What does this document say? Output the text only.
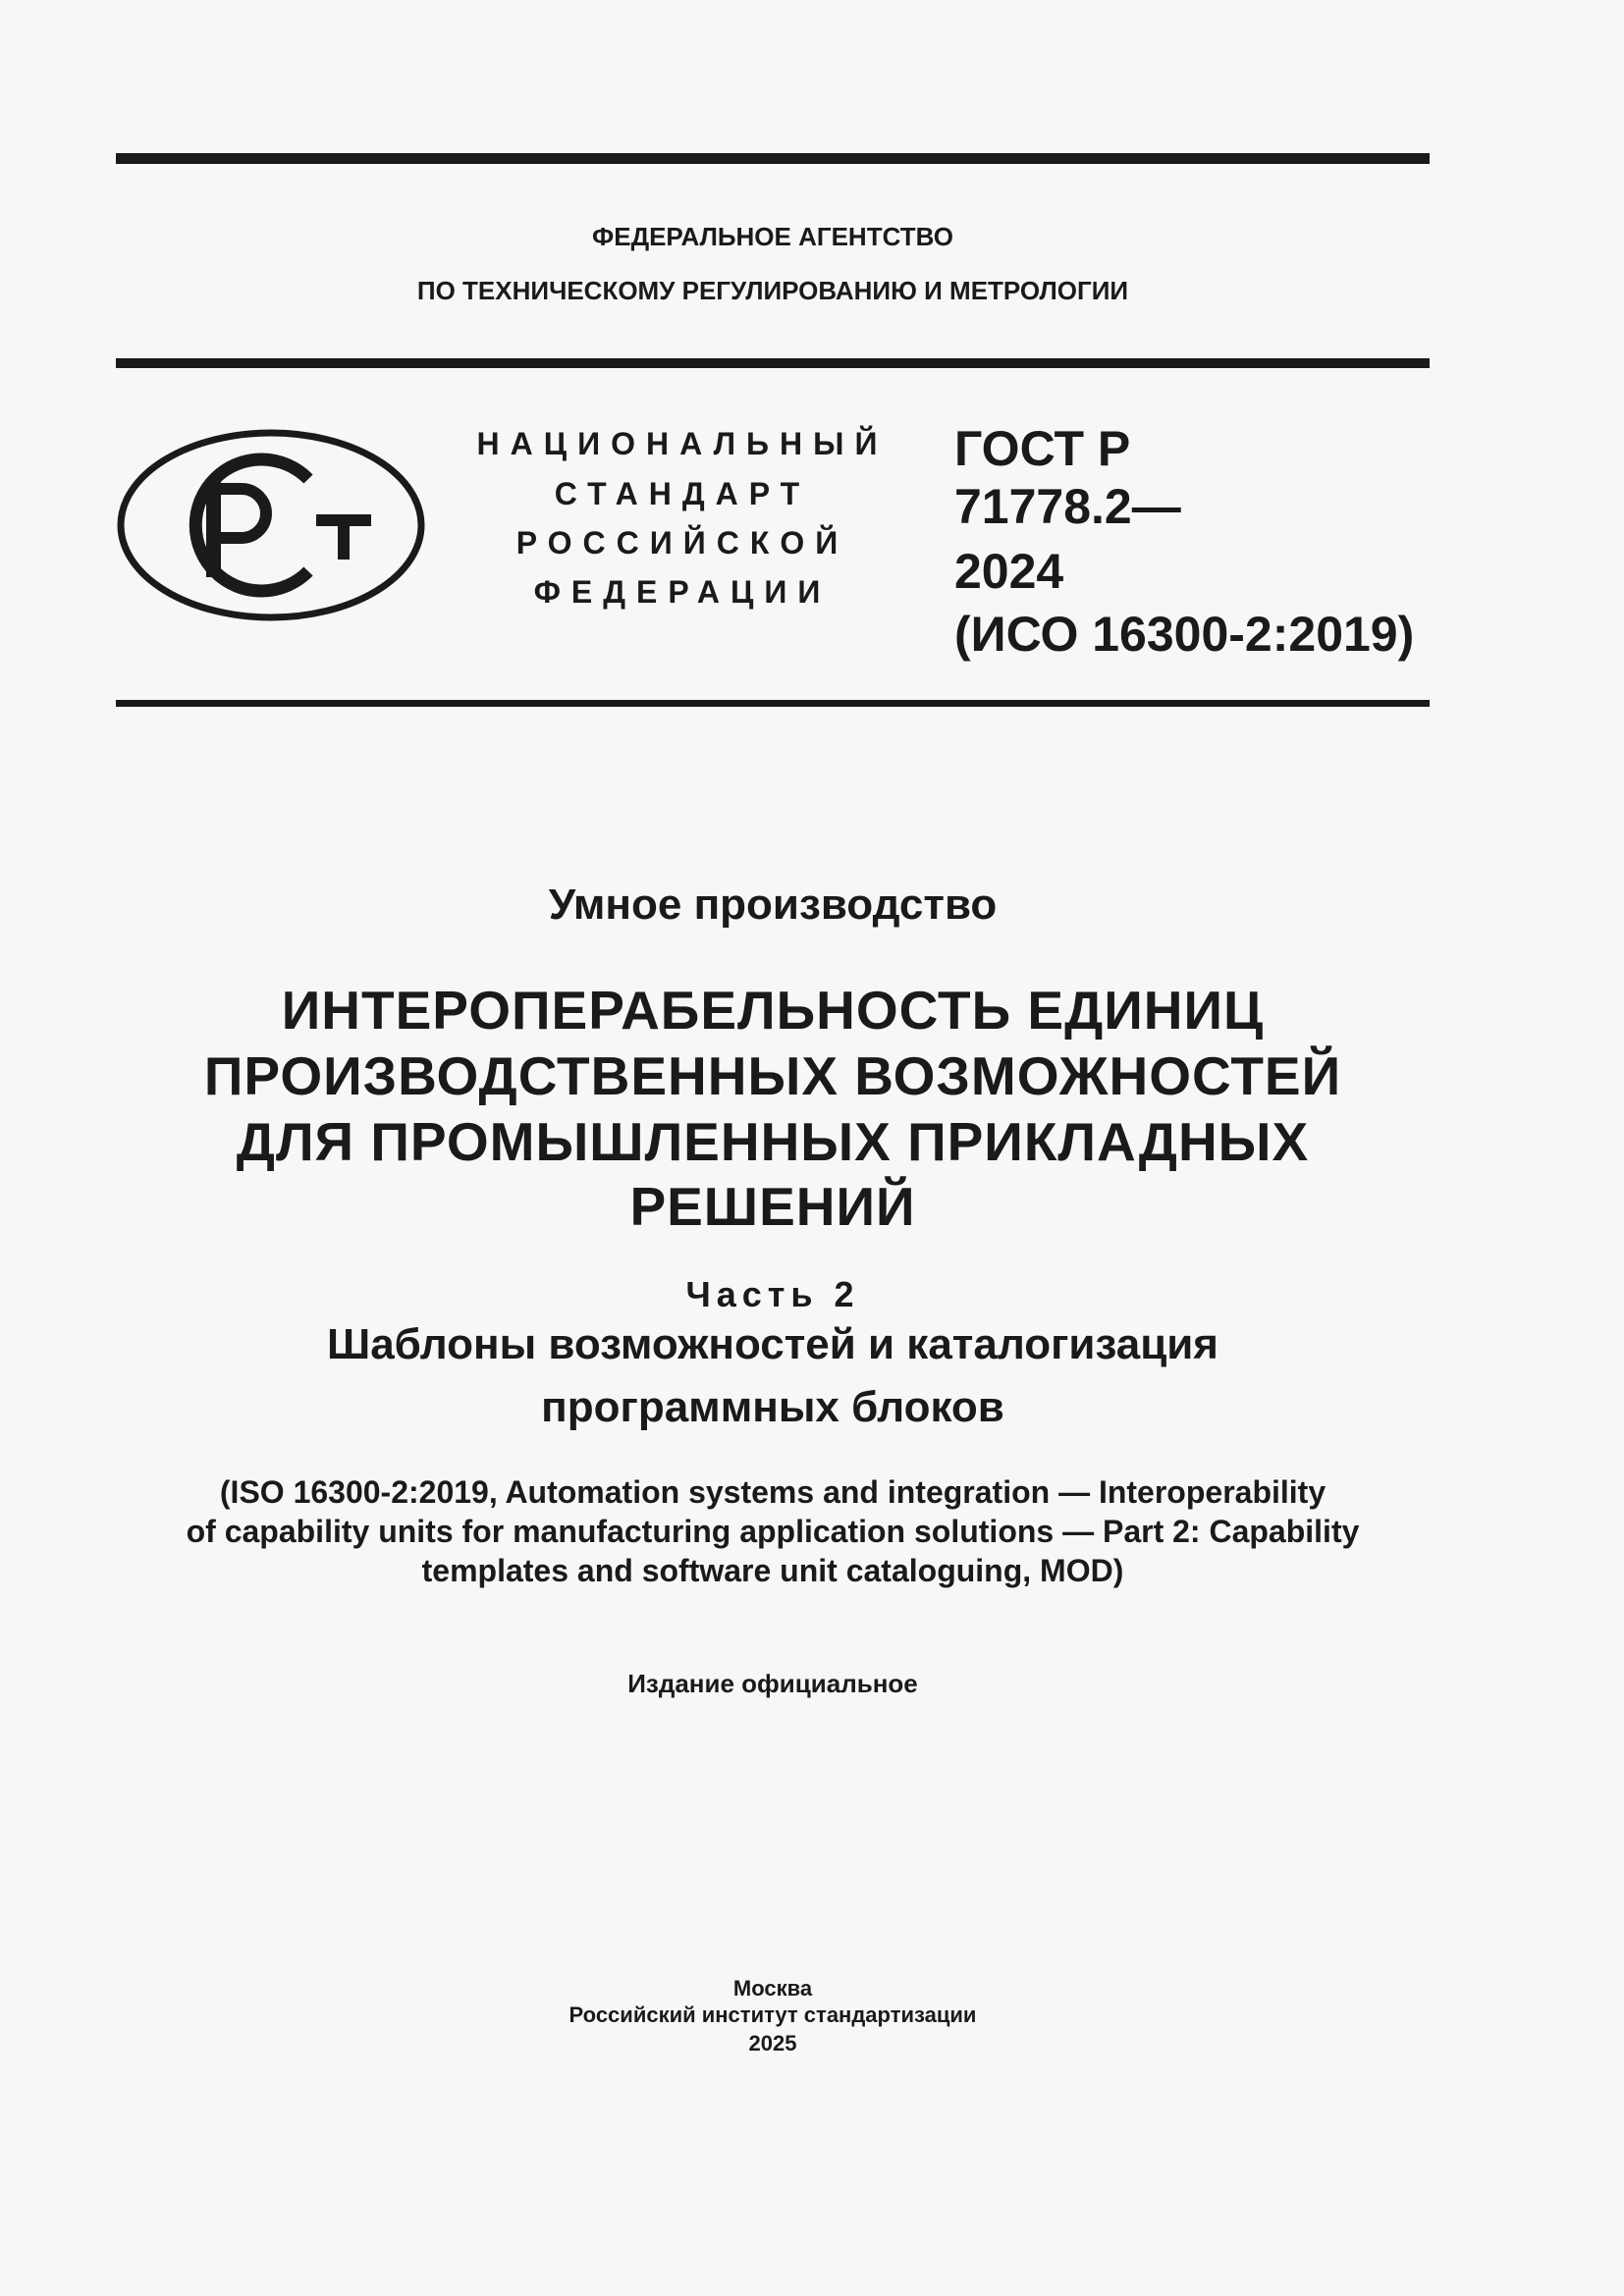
ФЕДЕРАЛЬНОЕ АГЕНТСТВО
ПО ТЕХНИЧЕСКОМУ РЕГУЛИРОВАНИЮ И МЕТРОЛОГИИ
НАЦИОНАЛЬНЫЙ
СТАНДАРТ
РОССИЙСКОЙ
ФЕДЕРАЦИИ
ГОСТ Р
71778.2—
2024
(ИСО 16300-2:2019)
Умное производство
ИНТЕРОПЕРАБЕЛЬНОСТЬ ЕДИНИЦ
ПРОИЗВОДСТВЕННЫХ ВОЗМОЖНОСТЕЙ
ДЛЯ ПРОМЫШЛЕННЫХ ПРИКЛАДНЫХ
РЕШЕНИЙ
Часть 2
Шаблоны возможностей и каталогизация
программных блоков
(ISO 16300-2:2019, Automation systems and integration — Interoperability
of capability units for manufacturing application solutions — Part 2: Capability
templates and software unit cataloguing, MOD)
Издание официальное
Москва
Российский институт стандартизации
2025
